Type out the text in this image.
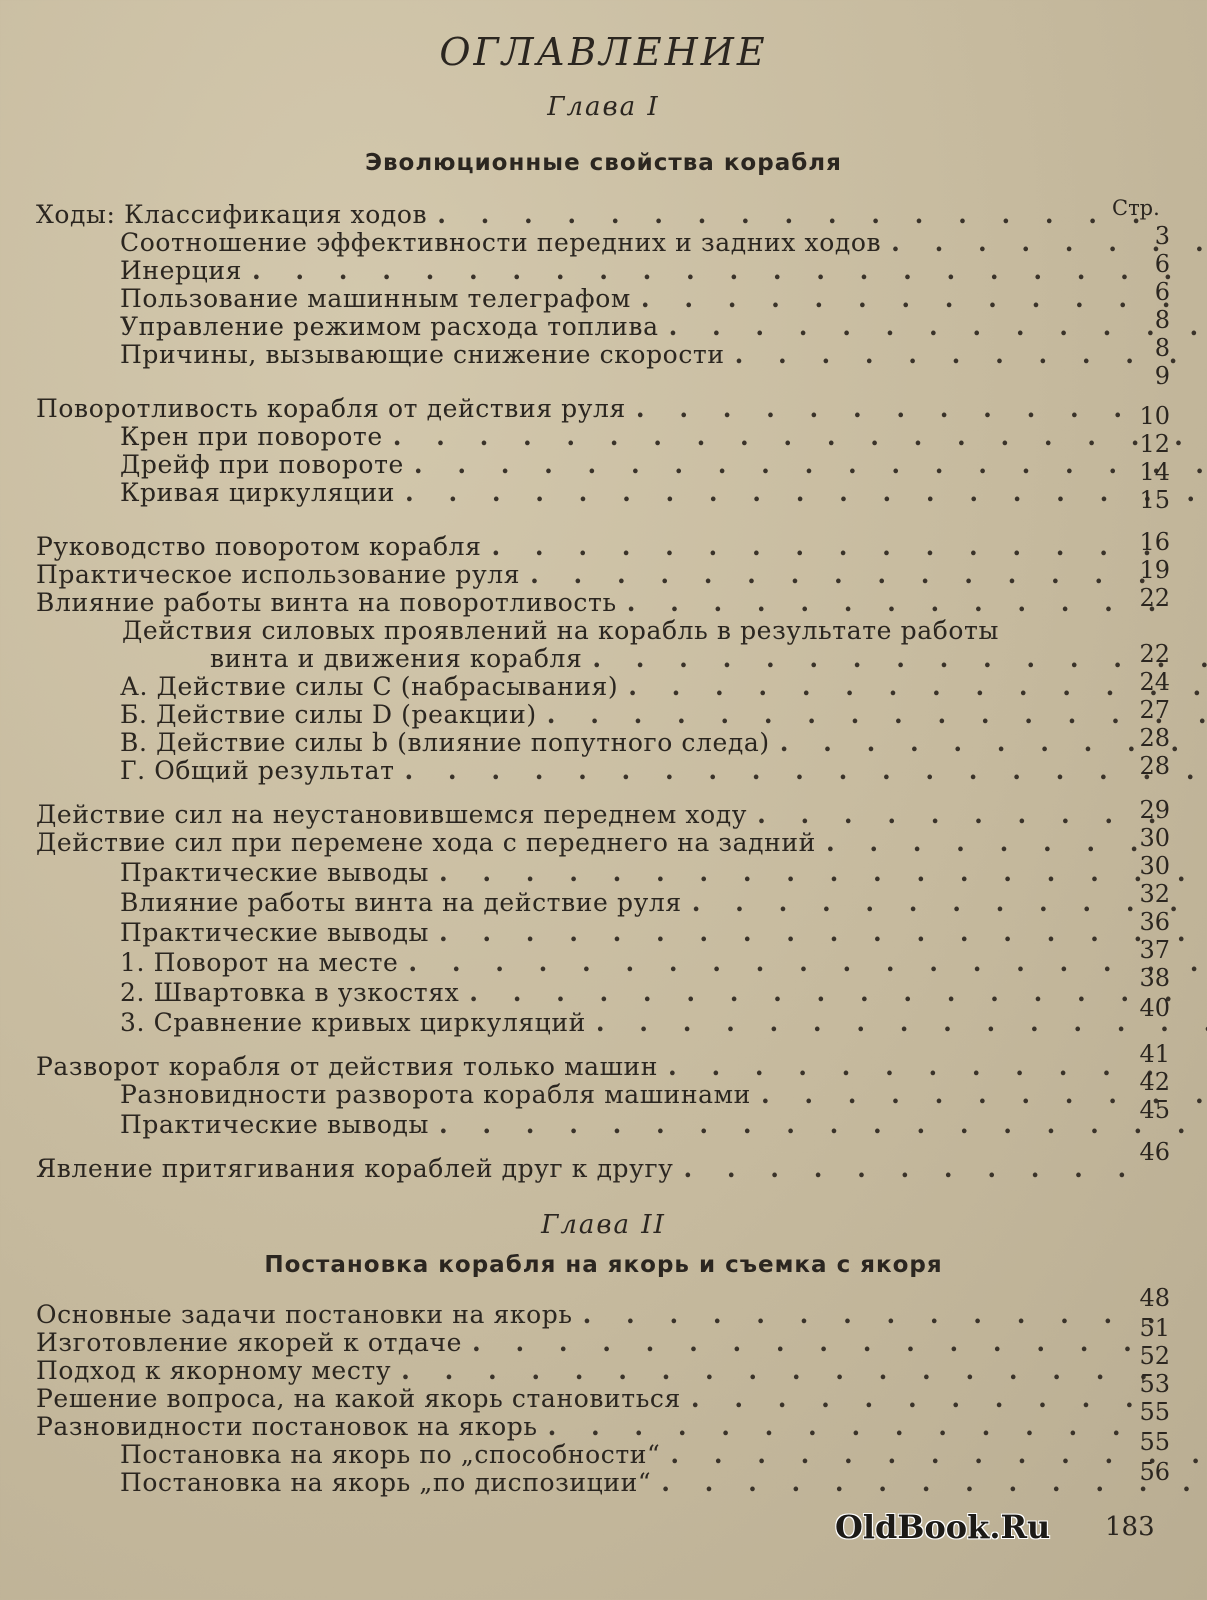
ОГЛАВЛЕНИЕ
Глава I
Эволюционные свойства корабля
Стр.
Ходы: Классификация ходов
. . .
Соотношение эффективности передних и задних ходов
. . .
Инерция
. . .
Пользование машинным телеграфом
. . .
Управление режимом расхода топлива
. . .
Причины, вызывающие снижение скорости
. . .
Поворотливость корабля от действия руля
. . .
Крен при повороте
. . .
Дрейф при повороте
. . .
Кривая циркуляции
. . .
Руководство поворотом корабля
. . .
Практическое использование руля
. . .
Влияние работы винта на поворотливость
. . .
Действия силовых проявлений на корабль в результате работы
винта и движения корабля
. . .
А. Действие силы C (набрасывания)
. . .
Б. Действие силы D (реакции)
. . .
В. Действие силы b (влияние попутного следа)
. . .
Г. Общий результат
. . .
Действие сил на неустановившемся переднем ходу
. . .
Действие сил при перемене хода с переднего на задний
. . .
Практические выводы
. . .
Влияние работы винта на действие руля
. . .
Практические выводы
. . .
1. Поворот на месте
. . .
2. Швартовка в узкостях
. . .
3. Сравнение кривых циркуляций
. . .
Разворот корабля от действия только машин
. . .
Разновидности разворота корабля машинами
. . .
Практические выводы
. . .
Явление притягивания кораблей друг к другу
. . .
Глава II
Постановка корабля на якорь и съемка с якоря
Основные задачи постановки на якорь
. . .
Изготовление якорей к отдаче
. . .
Подход к якорному месту
. . .
Решение вопроса, на какой якорь становиться
. . .
Разновидности постановок на якорь
. . .
Постановка на якорь по „способности“
. . .
Постановка на якорь „по диспозиции“
. . .
3
6
6
8
8
9
10
12
14
15
16
19
22
22
24
27
28
28
29
30
30
32
36
37
38
40
41
42
45
46
48
51
52
53
55
55
56
OldBook.Ru 183
